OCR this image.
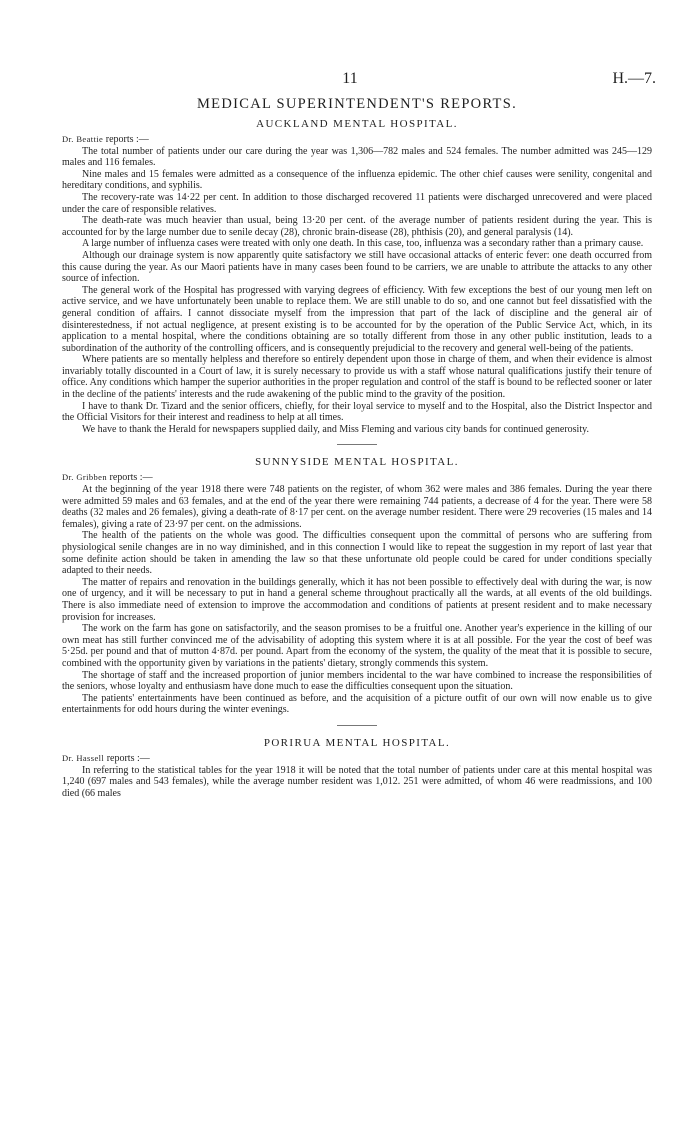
11	H.—7.
MEDICAL SUPERINTENDENT'S REPORTS.
AUCKLAND MENTAL HOSPITAL.
Dr. Beattie reports :—

The total number of patients under our care during the year was 1,306—782 males and 524 females. The number admitted was 245—129 males and 116 females.

Nine males and 15 females were admitted as a consequence of the influenza epidemic. The other chief causes were senility, congenital and hereditary conditions, and syphilis.

The recovery-rate was 14·22 per cent. In addition to those discharged recovered 11 patients were discharged unrecovered and were placed under the care of responsible relatives.

The death-rate was much heavier than usual, being 13·20 per cent. of the average number of patients resident during the year. This is accounted for by the large number due to senile decay (28), chronic brain-disease (28), phthisis (20), and general paralysis (14).

A large number of influenza cases were treated with only one death. In this case, too, influenza was a secondary rather than a primary cause.

Although our drainage system is now apparently quite satisfactory we still have occasional attacks of enteric fever: one death occurred from this cause during the year. As our Maori patients have in many cases been found to be carriers, we are unable to attribute the attacks to any other source of infection.

The general work of the Hospital has progressed with varying degrees of efficiency. With few exceptions the best of our young men left on active service, and we have unfortunately been unable to replace them. We are still unable to do so, and one cannot but feel dissatisfied with the general condition of affairs. I cannot dissociate myself from the impression that part of the lack of discipline and the general air of disinterestedness, if not actual negligence, at present existing is to be accounted for by the operation of the Public Service Act, which, in its application to a mental hospital, where the conditions obtaining are so totally different from those in any other public institution, leads to a subordination of the authority of the controlling officers, and is consequently prejudicial to the recovery and general well-being of the patients.

Where patients are so mentally helpless and therefore so entirely dependent upon those in charge of them, and when their evidence is almost invariably totally discounted in a Court of law, it is surely necessary to provide us with a staff whose natural qualifications justify their tenure of office. Any conditions which hamper the superior authorities in the proper regulation and control of the staff is bound to be reflected sooner or later in the decline of the patients' interests and the rude awakening of the public mind to the gravity of the position.

I have to thank Dr. Tizard and the senior officers, chiefly, for their loyal service to myself and to the Hospital, also the District Inspector and the Official Visitors for their interest and readiness to help at all times.

We have to thank the Herald for newspapers supplied daily, and Miss Fleming and various city bands for continued generosity.

SUNNYSIDE MENTAL HOSPITAL.
Dr. Gribben reports :—

At the beginning of the year 1918 there were 748 patients on the register, of whom 362 were males and 386 females. During the year there were admitted 59 males and 63 females, and at the end of the year there were remaining 744 patients, a decrease of 4 for the year. There were 58 deaths (32 males and 26 females), giving a death-rate of 8·17 per cent. on the average number resident. There were 29 recoveries (15 males and 14 females), giving a rate of 23·97 per cent. on the admissions.

The health of the patients on the whole was good. The difficulties consequent upon the committal of persons who are suffering from physiological senile changes are in no way diminished, and in this connection I would like to repeat the suggestion in my report of last year that some definite action should be taken in amending the law so that these unfortunate old people could be cared for under conditions specially adapted to their needs.

The matter of repairs and renovation in the buildings generally, which it has not been possible to effectively deal with during the war, is now one of urgency, and it will be necessary to put in hand a general scheme throughout practically all the wards, at all events of the old buildings. There is also immediate need of extension to improve the accommodation and conditions of patients at present resident and to make necessary provision for increases.

The work on the farm has gone on satisfactorily, and the season promises to be a fruitful one. Another year's experience in the killing of our own meat has still further convinced me of the advisability of adopting this system where it is at all possible. For the year the cost of beef was 5·25d. per pound and that of mutton 4·87d. per pound. Apart from the economy of the system, the quality of the meat that it is possible to secure, combined with the opportunity given by variations in the patients' dietary, strongly commends this system.

The shortage of staff and the increased proportion of junior members incidental to the war have combined to increase the responsibilities of the seniors, whose loyalty and enthusiasm have done much to ease the difficulties consequent upon the situation.

The patients' entertainments have been continued as before, and the acquisition of a picture outfit of our own will now enable us to give entertainments for odd hours during the winter evenings.

PORIRUA MENTAL HOSPITAL.
Dr. Hassell reports :—

In referring to the statistical tables for the year 1918 it will be noted that the total number of patients under care at this mental hospital was 1,240 (697 males and 543 females), while the average number resident was 1,012. 251 were admitted, of whom 46 were readmissions, and 100 died (66 males
